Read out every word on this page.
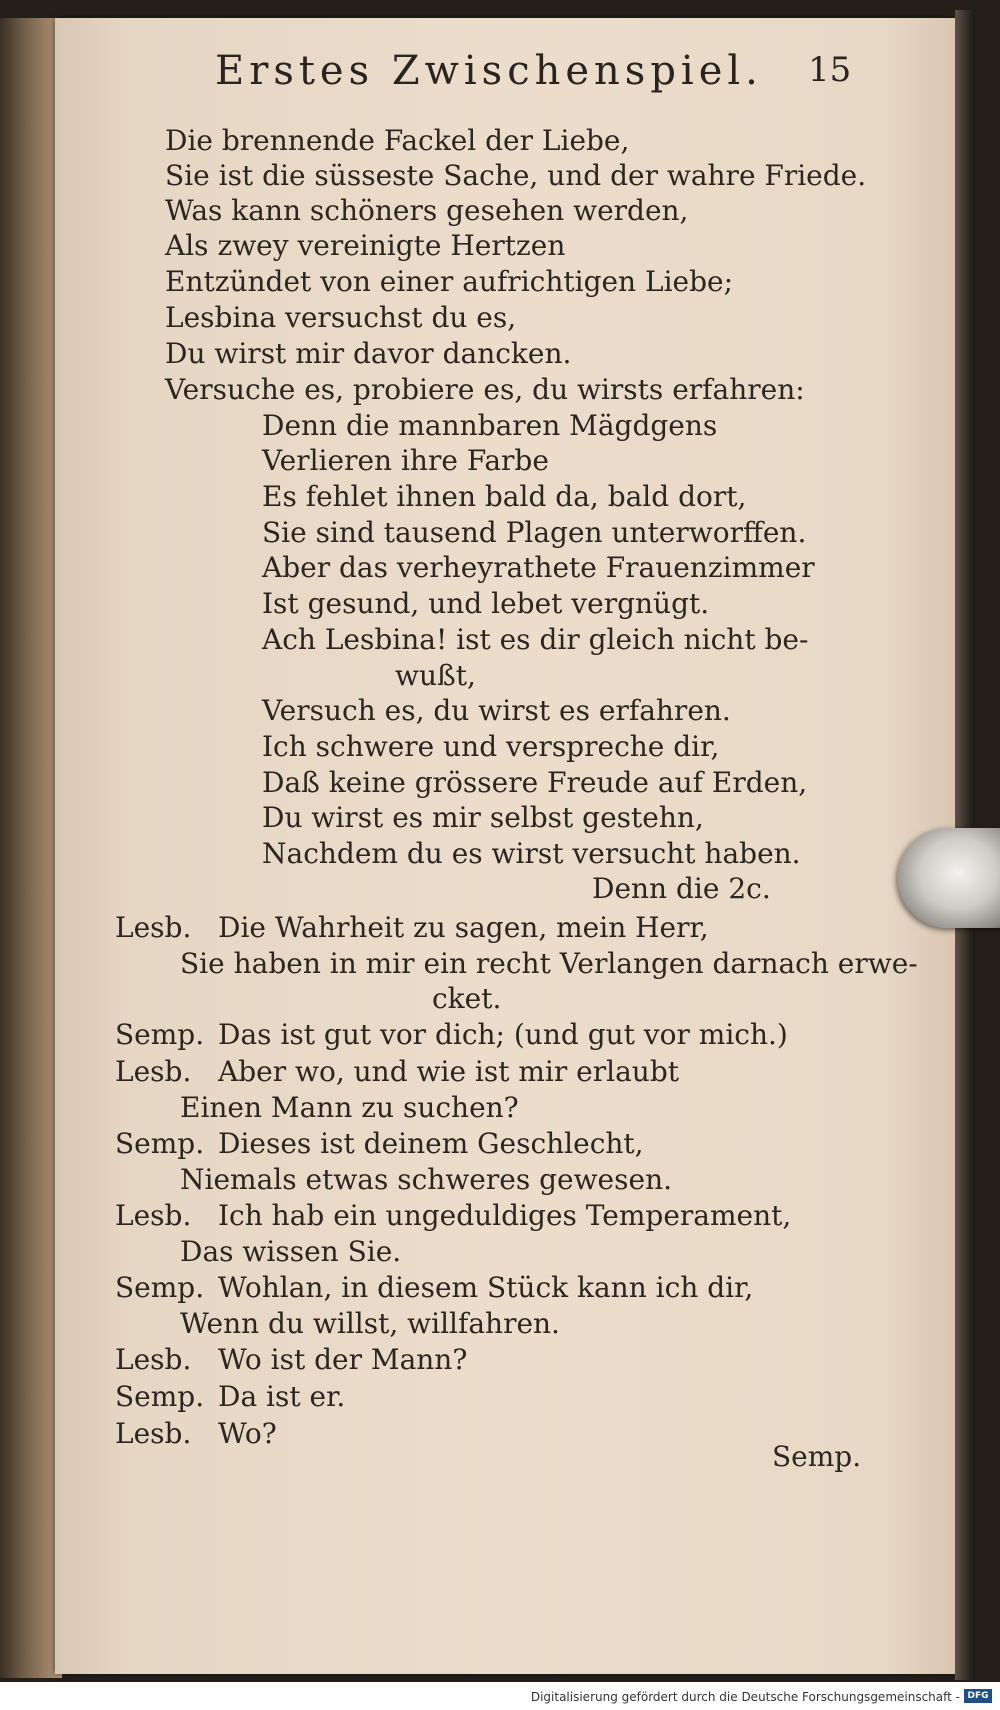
Erstes Zwischenspiel. 15
Die brennende Fackel der Liebe,
Sie ist die süsseste Sache, und der wahre Friede.
Was kann schöners gesehen werden,
Als zwey vereinigte Hertzen
Entzündet von einer aufrichtigen Liebe;
Lesbina versuchst du es,
Du wirst mir davor dancken.
Versuche es, probiere es, du wirsts erfahren:
Denn die mannbaren Mägdgens
Verlieren ihre Farbe
Es fehlet ihnen bald da, bald dort,
Sie sind tausend Plagen unterworffen.
Aber das verheyrathete Frauenzimmer
Ist gesund, und lebet vergnügt.
Ach Lesbina! ist es dir gleich nicht be-
wußt,
Versuch es, du wirst es erfahren.
Ich schwere und verspreche dir,
Daß keine grössere Freude auf Erden,
Du wirst es mir selbst gestehn,
Nachdem du es wirst versucht haben.
Denn die 2c.
Lesb. Die Wahrheit zu sagen, mein Herr,
Sie haben in mir ein recht Verlangen darnach erwe-
cket.
Semp. Das ist gut vor dich; (und gut vor mich.)
Lesb. Aber wo, und wie ist mir erlaubt
Einen Mann zu suchen?
Semp. Dieses ist deinem Geschlecht,
Niemals etwas schweres gewesen.
Lesb. Ich hab ein ungeduldiges Temperament,
Das wissen Sie.
Semp. Wohlan, in diesem Stück kann ich dir,
Wenn du willst, willfahren.
Lesb. Wo ist der Mann?
Semp. Da ist er.
Lesb. Wo?
Semp.
Digitalisierung gefördert durch die Deutsche Forschungsgemeinschaft - DFG
